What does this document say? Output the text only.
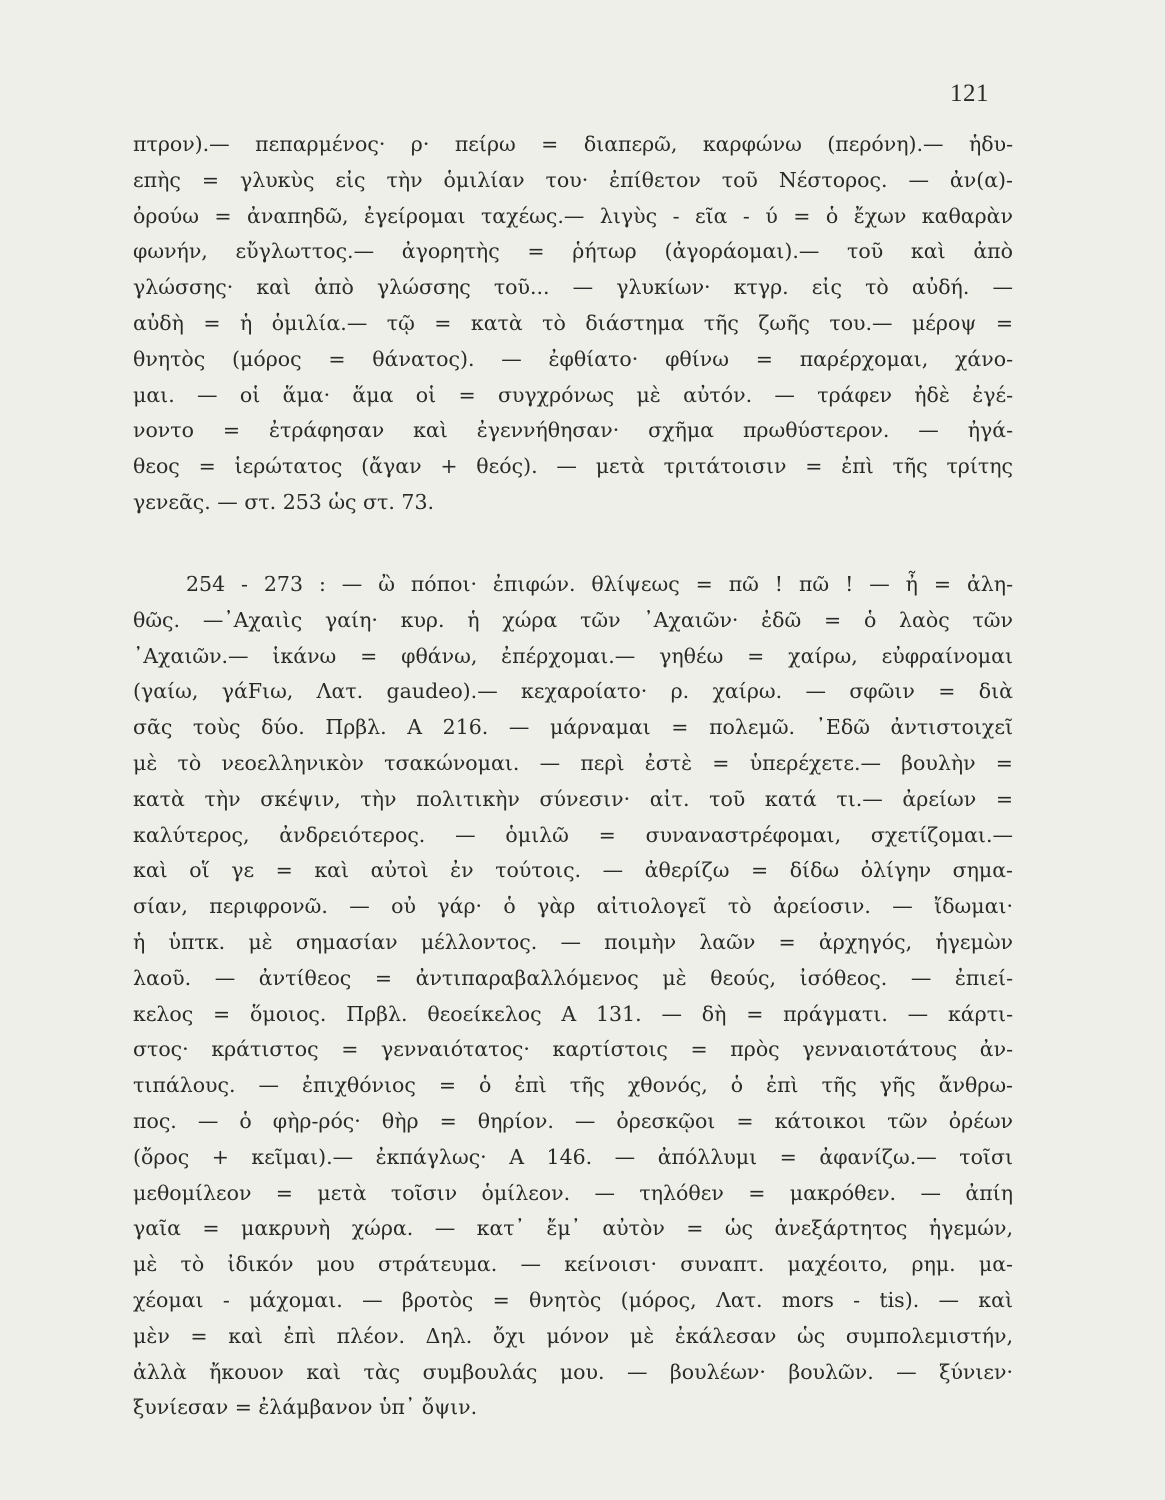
121
πτρον).— πεπαρμένος· ρ· πείρω = διαπερῶ, καρφώνω (περόνη).— ἡδυ-
επὴς = γλυκὺς εἰς τὴν ὁμιλίαν του· ἐπίθετον τοῦ Νέστορος. — ἀν(α)-
ὀρούω = ἀναπηδῶ, ἐγείρομαι ταχέως.— λιγὺς - εῖα - ύ = ὁ ἔχων καθαρὰν
φωνήν, εὔγλωττος.— ἀγορητὴς = ῥήτωρ (ἀγοράομαι).— τοῦ καὶ ἀπὸ
γλώσσης· καὶ ἀπὸ γλώσσης τοῦ... — γλυκίων· κτγρ. εἰς τὸ αὐδή. —
αὐδὴ = ἡ ὁμιλία.— τῷ = κατὰ τὸ διάστημα τῆς ζωῆς του.— μέροψ =
θνητὸς (μόρος = θάνατος). — ἐφθίατο· φθίνω = παρέρχομαι, χάνο-
μαι. — οἱ ἅμα· ἅμα οἱ = συγχρόνως μὲ αὐτόν. — τράφεν ἠδὲ ἐγέ-
νοντο = ἐτράφησαν καὶ ἐγεννήθησαν· σχῆμα πρωθύστερον. — ἠγά-
θεος = ἱερώτατος (ἄγαν + θεός). — μετὰ τριτάτοισιν = ἐπὶ τῆς τρίτης
γενεᾶς. — στ. 253 ὡς στ. 73.
254 - 273 : — ὢ πόποι· ἐπιφών. θλίψεως = πῶ ! πῶ ! — ἦ = ἀλη-
θῶς. —᾿Αχαιὶς γαίη· κυρ. ἡ χώρα τῶν ᾿Αχαιῶν· ἐδῶ = ὁ λαὸς τῶν
᾿Αχαιῶν.— ἱκάνω = φθάνω, ἐπέρχομαι.— γηθέω = χαίρω, εὐφραίνομαι
(γαίω, γάFιω, Λατ. gaudeo).— κεχαροίατο· ρ. χαίρω. — σφῶιν = διὰ
σᾶς τοὺς δύο. Πρβλ. Α 216. — μάρναμαι = πολεμῶ. ᾿Εδῶ ἀντιστοιχεῖ
μὲ τὸ νεοελληνικὸν τσακώνομαι. — περὶ ἐστὲ = ὑπερέχετε.— βουλὴν =
κατὰ τὴν σκέψιν, τὴν πολιτικὴν σύνεσιν· αἰτ. τοῦ κατά τι.— ἀρείων =
καλύτερος, ἀνδρειότερος. — ὁμιλῶ = συναναστρέφομαι, σχετίζομαι.—
καὶ οἵ γε = καὶ αὐτοὶ ἐν τούτοις. — ἀθερίζω = δίδω ὀλίγην σημα-
σίαν, περιφρονῶ. — οὐ γάρ· ὁ γὰρ αἰτιολογεῖ τὸ ἀρείοσιν. — ἴδωμαι·
ἡ ὑπτκ. μὲ σημασίαν μέλλοντος. — ποιμὴν λαῶν = ἀρχηγός, ἡγεμὼν
λαοῦ. — ἀντίθεος = ἀντιπαραβαλλόμενος μὲ θεούς, ἰσόθεος. — ἐπιεί-
κελος = ὅμοιος. Πρβλ. θεοείκελος Α 131. — δὴ = πράγματι. — κάρτι-
στος· κράτιστος = γενναιότατος· καρτίστοις = πρὸς γενναιοτάτους ἀν-
τιπάλους. — ἐπιχθόνιος = ὁ ἐπὶ τῆς χθονός, ὁ ἐπὶ τῆς γῆς ἄνθρω-
πος. — ὁ φὴρ-ρός· θὴρ = θηρίον. — ὀρεσκῷοι = κάτοικοι τῶν ὀρέων
(ὄρος + κεῖμαι).— ἐκπάγλως· Α 146. — ἀπόλλυμι = ἀφανίζω.— τοῖσι
μεθομίλεον = μετὰ τοῖσιν ὁμίλεον. — τηλόθεν = μακρόθεν. — ἀπίη
γαῖα = μακρυνὴ χώρα. — κατ᾿ ἔμ᾿ αὐτὸν = ὡς ἀνεξάρτητος ἡγεμών,
μὲ τὸ ἰδικόν μου στράτευμα. — κείνοισι· συναπτ. μαχέοιτο, ρημ. μα-
χέομαι - μάχομαι. — βροτὸς = θνητὸς (μόρος, Λατ. mors - tis). — καὶ
μὲν = καὶ ἐπὶ πλέον. Δηλ. ὄχι μόνον μὲ ἐκάλεσαν ὡς συμπολεμιστήν,
ἀλλὰ ἤκουον καὶ τὰς συμβουλάς μου. — βουλέων· βουλῶν. — ξύνιεν·
ξυνίεσαν = ἐλάμβανον ὑπ᾿ ὄψιν.
